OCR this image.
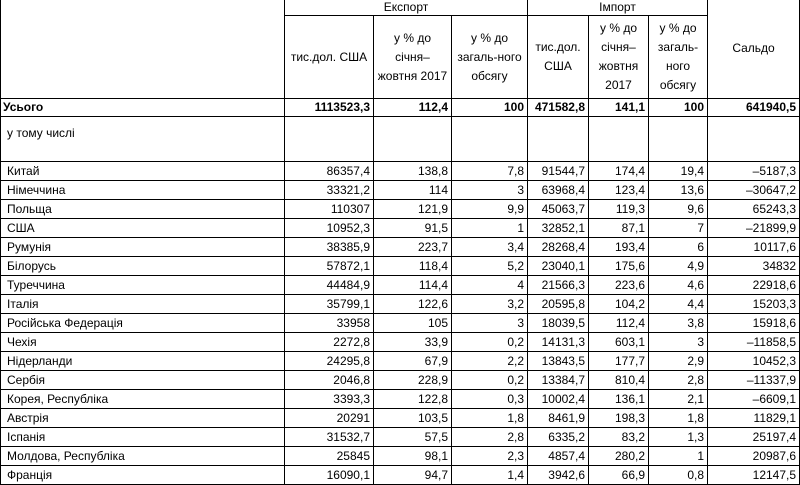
	Експорт			Імпорт			Сальдо
	тис.дол. США	у % до січня–жовтня 2017	у % до загаль-ного обсягу	тис.дол. США	у % до січня–жовтня 2017	у % до загаль-ного обсягу	
Усього	1113523,3	112,4	100	471582,8	141,1	100	641940,5
у тому числі							
Китай	86357,4	138,8	7,8	91544,7	174,4	19,4	–5187,3
Німеччина	33321,2	114	3	63968,4	123,4	13,6	–30647,2
Польща	110307	121,9	9,9	45063,7	119,3	9,6	65243,3
США	10952,3	91,5	1	32852,1	87,1	7	–21899,9
Румунія	38385,9	223,7	3,4	28268,4	193,4	6	10117,6
Білорусь	57872,1	118,4	5,2	23040,1	175,6	4,9	34832
Туреччина	44484,9	114,4	4	21566,3	223,6	4,6	22918,6
Італія	35799,1	122,6	3,2	20595,8	104,2	4,4	15203,3
Російська Федерація	33958	105	3	18039,5	112,4	3,8	15918,6
Чехія	2272,8	33,9	0,2	14131,3	603,1	3	–11858,5
Нідерланди	24295,8	67,9	2,2	13843,5	177,7	2,9	10452,3
Сербія	2046,8	228,9	0,2	13384,7	810,4	2,8	–11337,9
Корея, Республіка	3393,3	122,8	0,3	10002,4	136,1	2,1	–6609,1
Австрія	20291	103,5	1,8	8461,9	198,3	1,8	11829,1
Іспанія	31532,7	57,5	2,8	6335,2	83,2	1,3	25197,4
Молдова, Республіка	25845	98,1	2,3	4857,4	280,2	1	20987,6
Франція	16090,1	94,7	1,4	3942,6	66,9	0,8	12147,5
